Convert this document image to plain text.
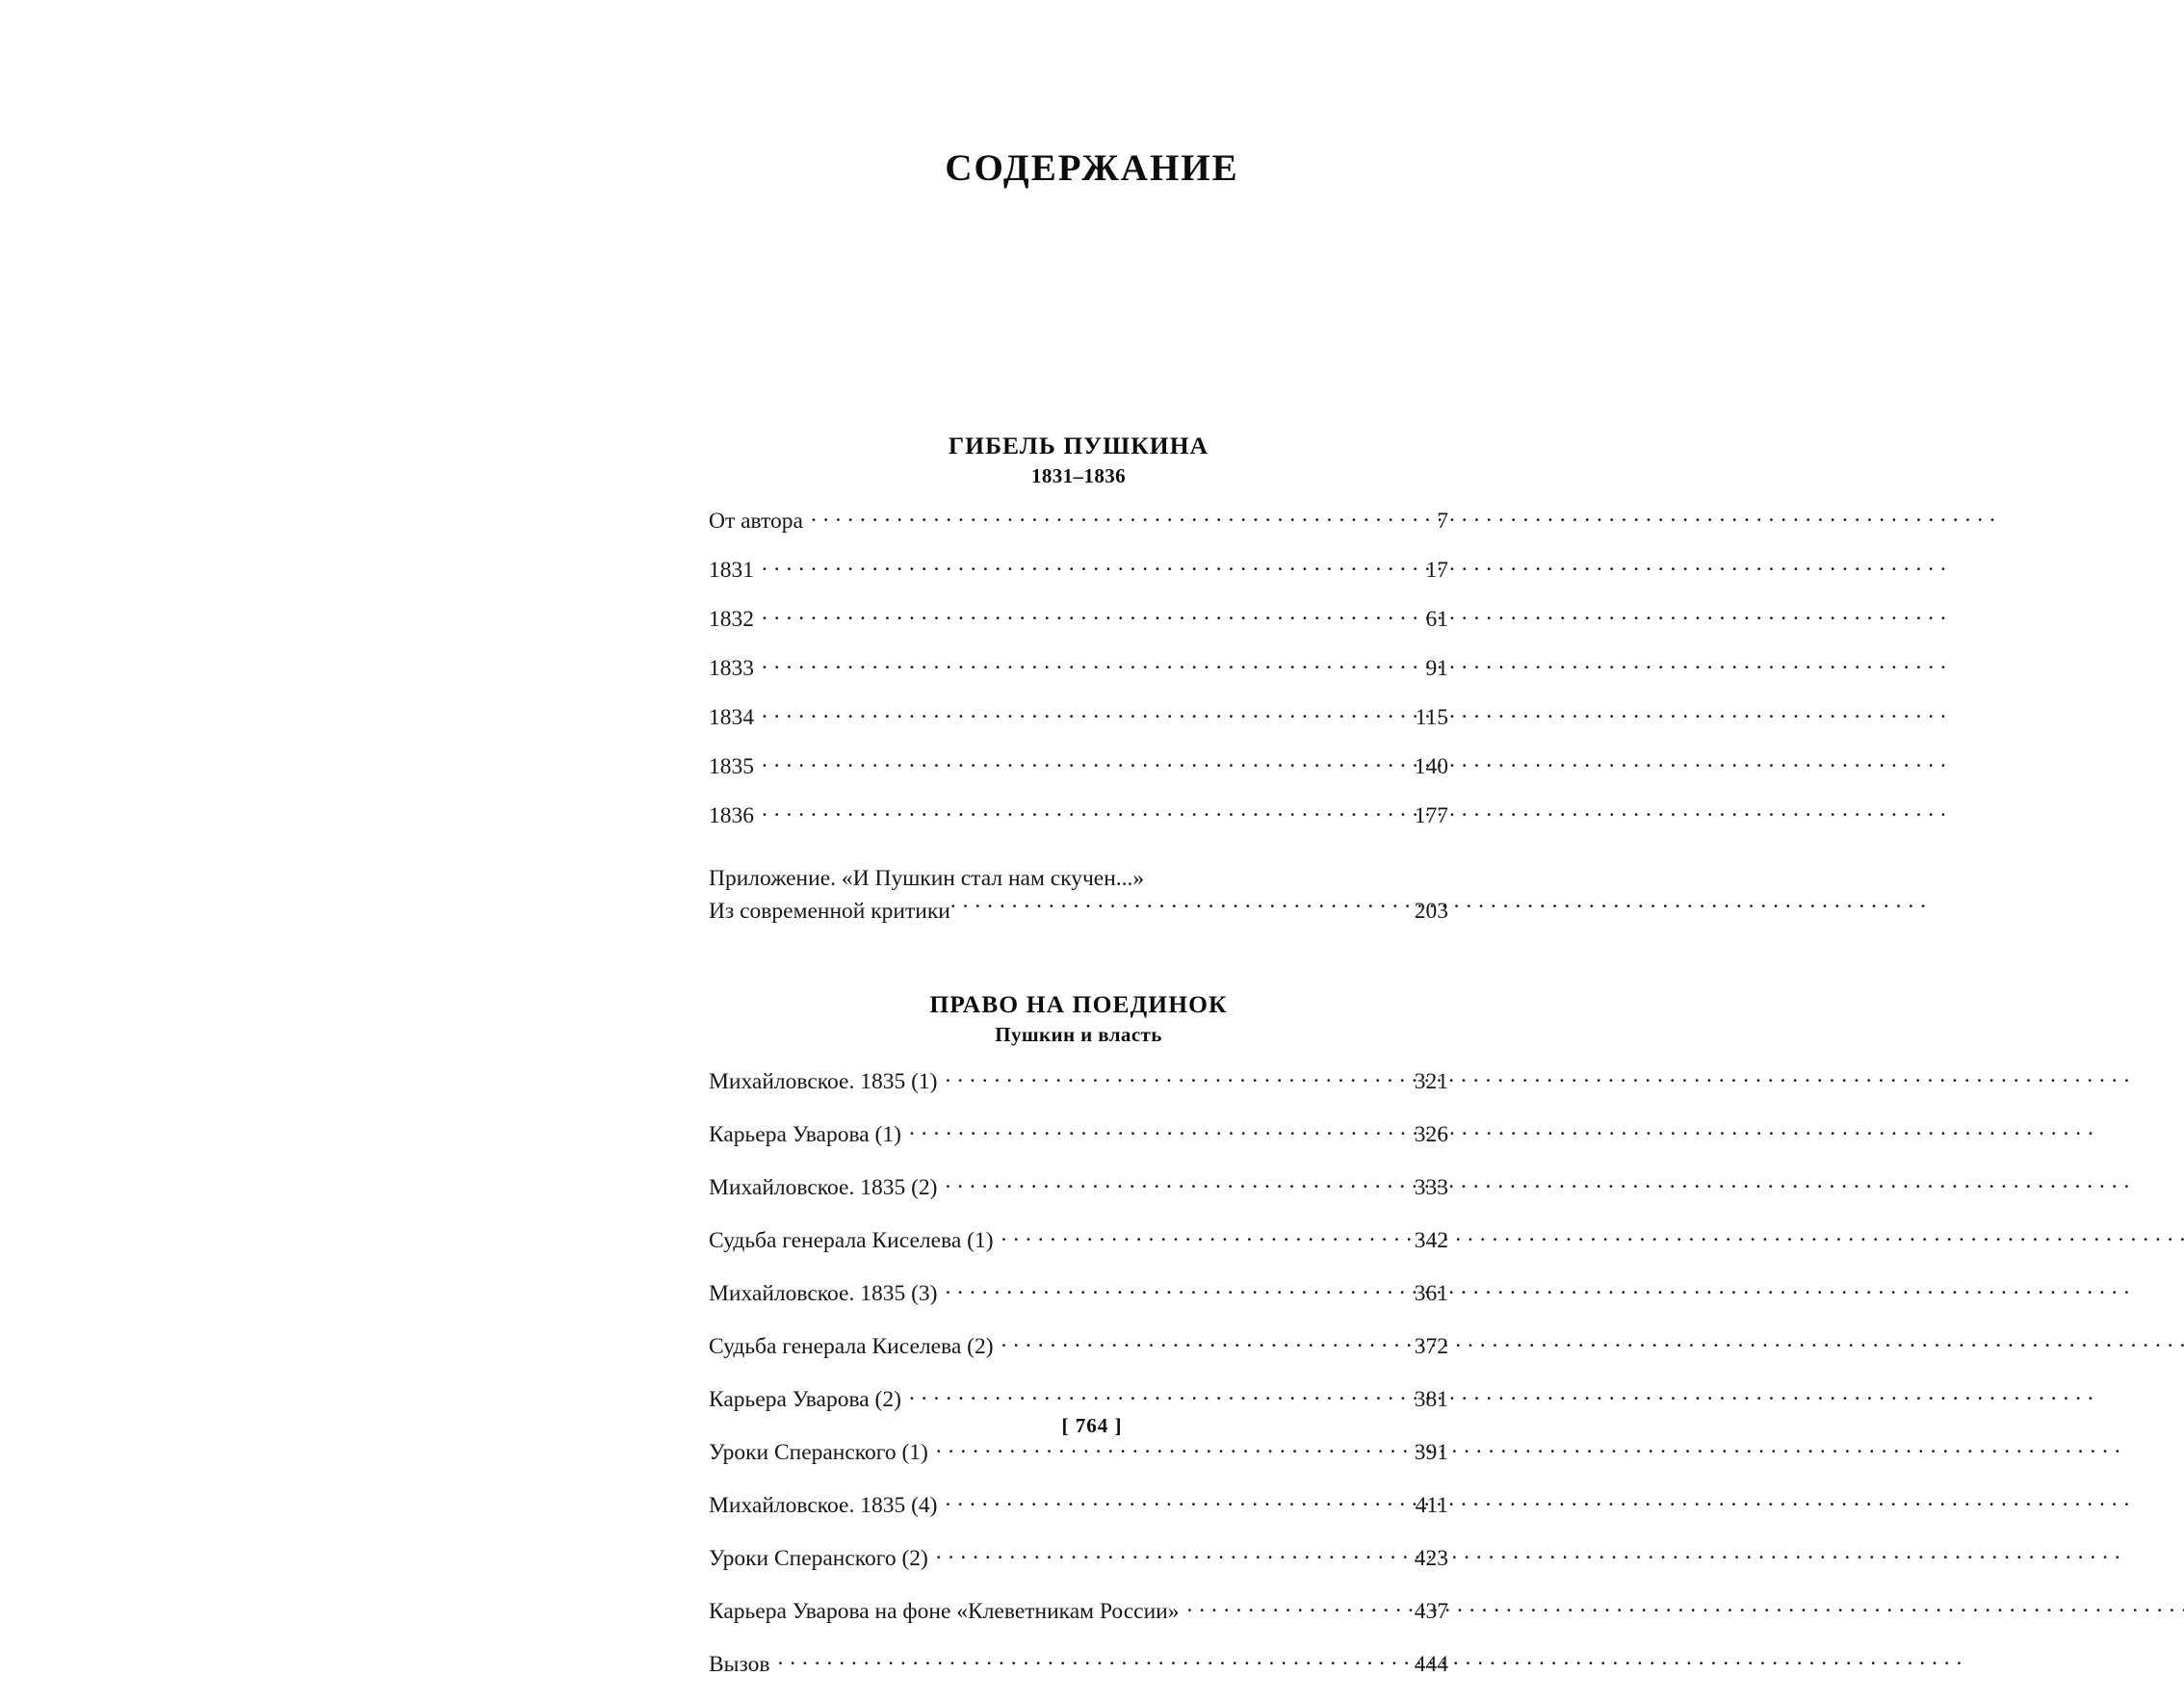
СОДЕРЖАНИЕ
ГИБЕЛЬ ПУШКИНА
1831–1836
От автора . . .	7
1831 . . .	17
1832 . . .	61
1833 . . .	91
1834 . . .	115
1835 . . .	140
1836 . . .	177
Приложение. «И Пушкин стал нам скучен...»
Из современной критики . . .	203
ПРАВО НА ПОЕДИНОК
Пушкин и власть
Михайловское. 1835 (1) . . .	321
Карьера Уварова (1) . . .	326
Михайловское. 1835 (2) . . .	333
Судьба генерала Киселева (1) . . .	342
Михайловское. 1835 (3) . . .	361
Судьба генерала Киселева (2) . . .	372
Карьера Уварова (2) . . .	381
Уроки Сперанского (1) . . .	391
Михайловское. 1835 (4) . . .	411
Уроки Сперанского (2) . . .	423
Карьера Уварова на фоне «Клеветникам России» . . .	437
Вызов . . .	444
[ 764 ]
